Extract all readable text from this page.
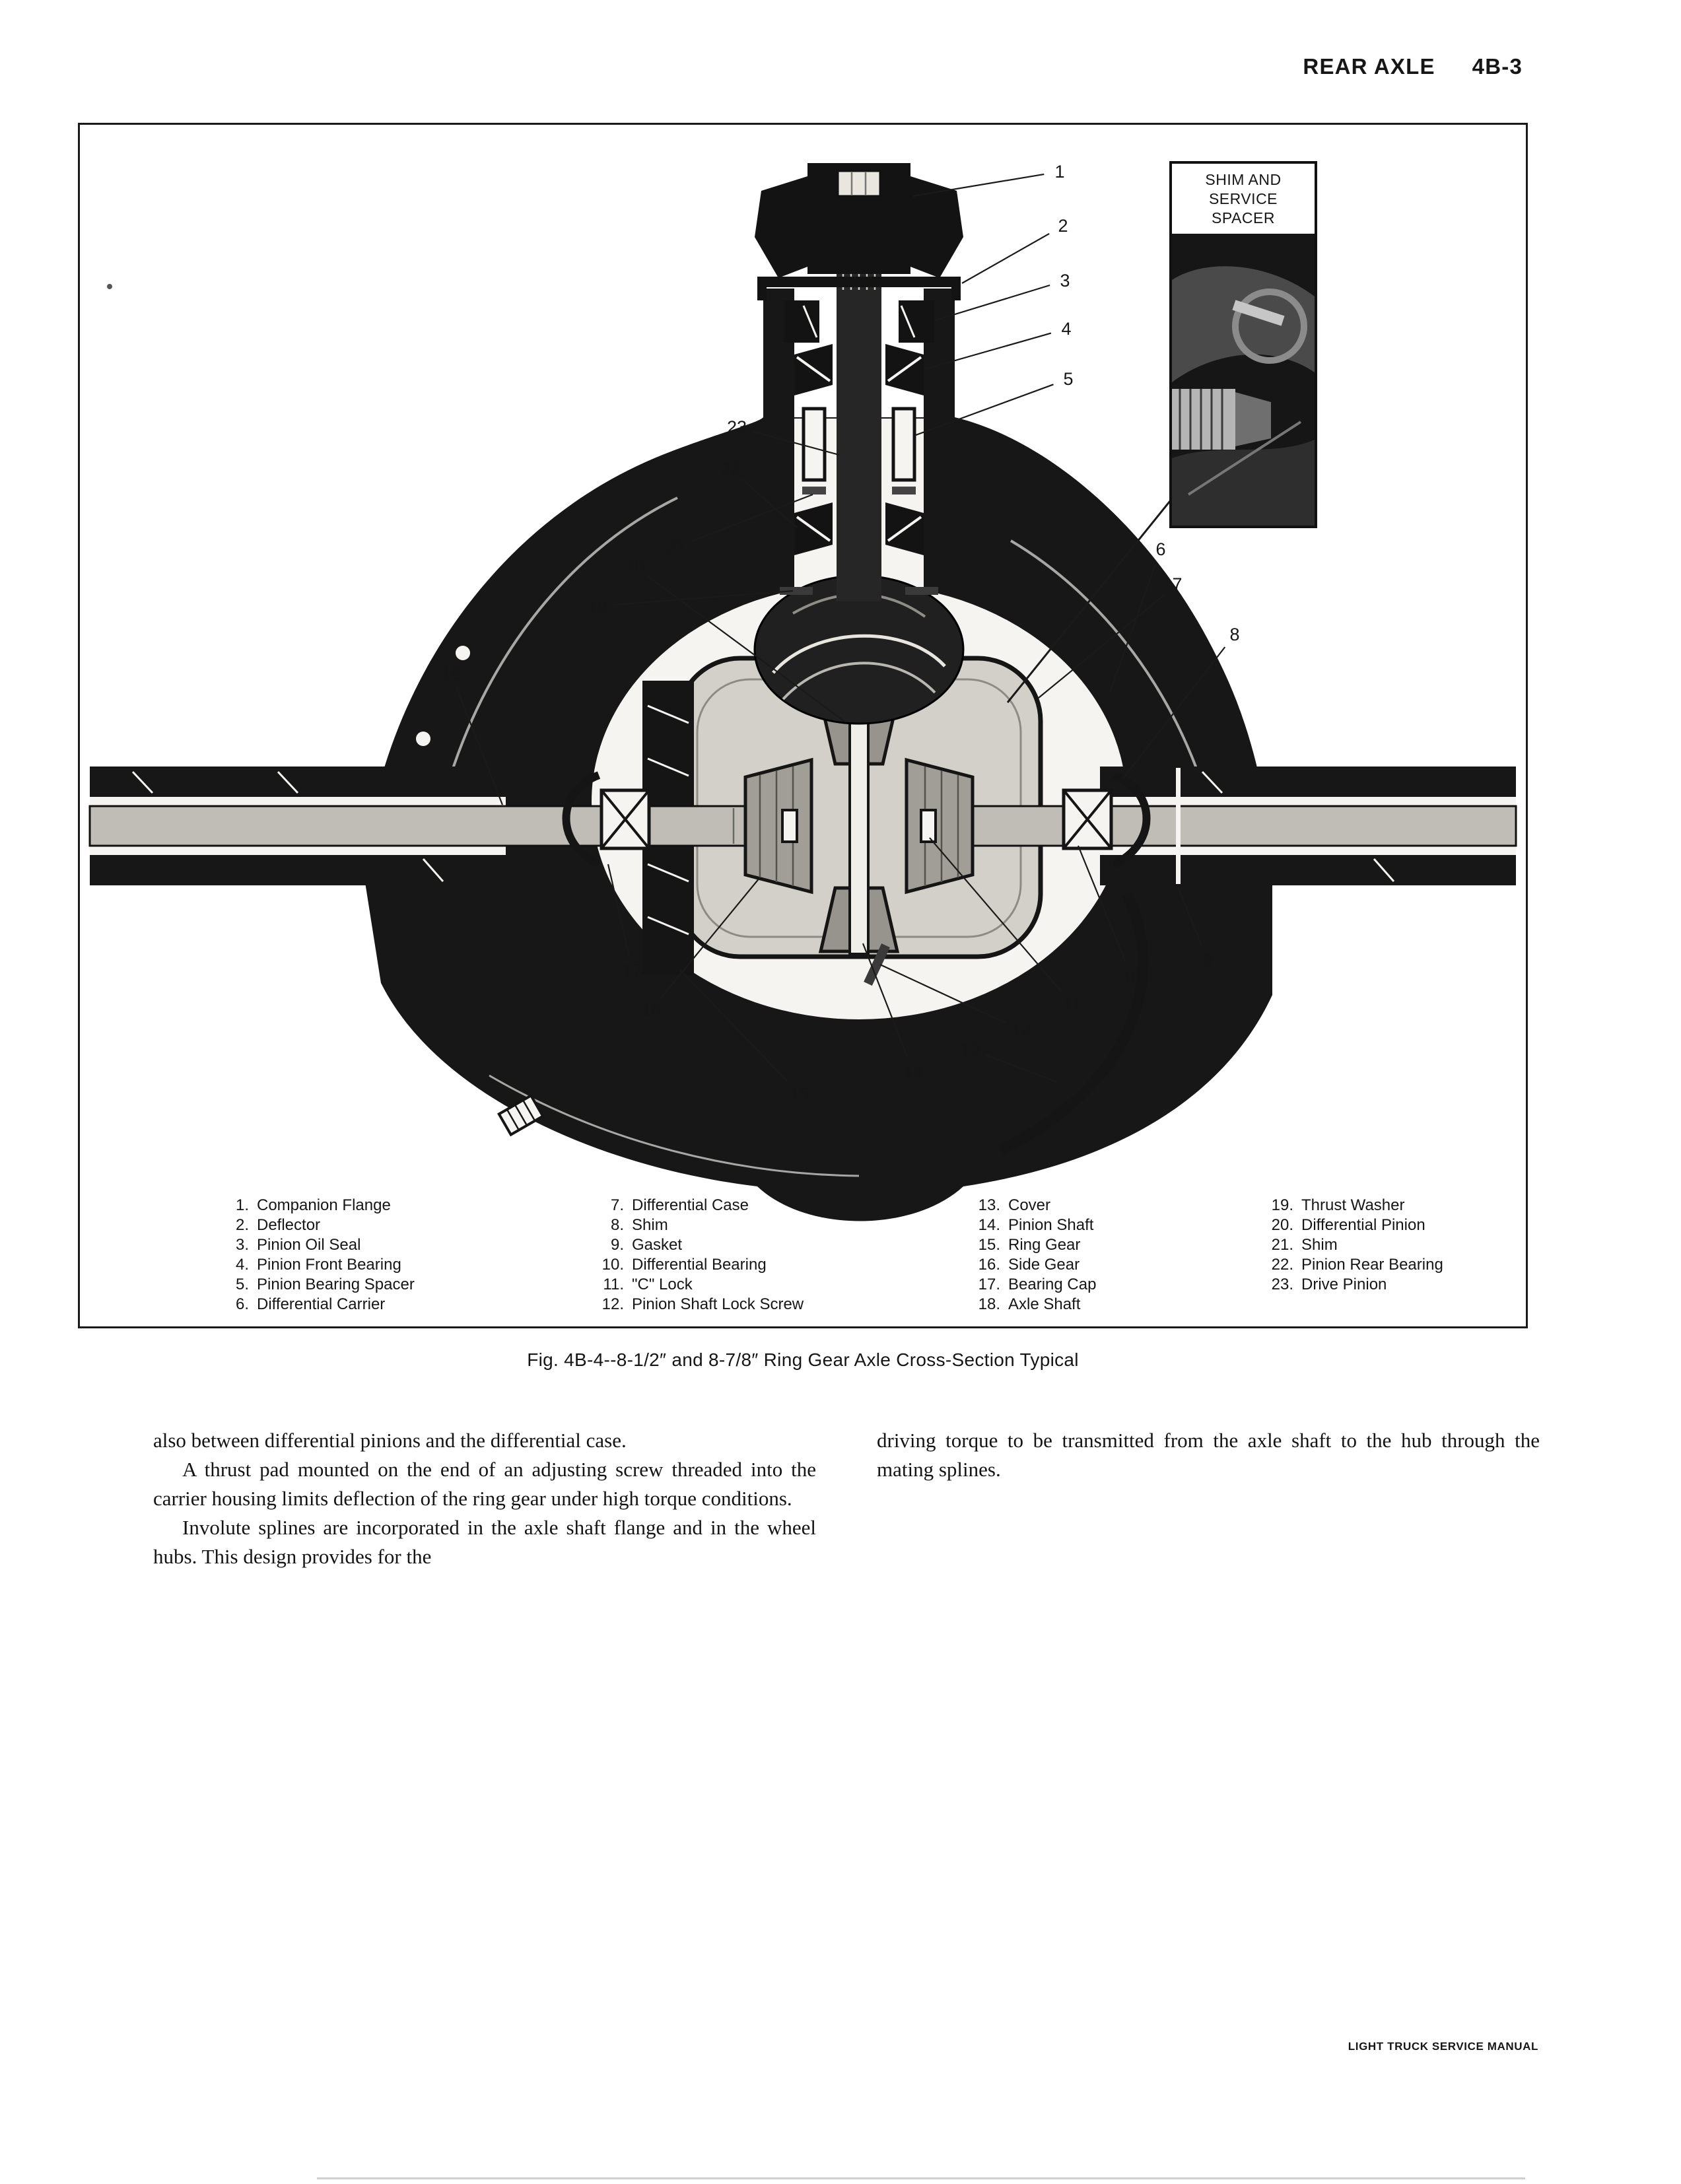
REAR AXLE 4B-3
1
2
3
4
5
6
7
8
9
10
11
12
13
14
15
16
17
18
19
20
21
22
23
SHIM AND
SERVICE
SPACER
1. Companion Flange
2. Deflector
3. Pinion Oil Seal
4. Pinion Front Bearing
5. Pinion Bearing Spacer
6. Differential Carrier
7. Differential Case
8. Shim
9. Gasket
10. Differential Bearing
11. "C" Lock
12. Pinion Shaft Lock Screw
13. Cover
14. Pinion Shaft
15. Ring Gear
16. Side Gear
17. Bearing Cap
18. Axle Shaft
19. Thrust Washer
20. Differential Pinion
21. Shim
22. Pinion Rear Bearing
23. Drive Pinion
Fig. 4B-4--8-1/2″ and 8-7/8″ Ring Gear Axle Cross-Section Typical

also between differential pinions and the differential case.

A thrust pad mounted on the end of an adjusting screw threaded into the carrier housing limits deflection of the ring gear under high torque conditions.

Involute splines are incorporated in the axle shaft flange and in the wheel hubs. This design provides for the

driving torque to be transmitted from the axle shaft to the hub through the mating splines.

LIGHT TRUCK SERVICE MANUAL
